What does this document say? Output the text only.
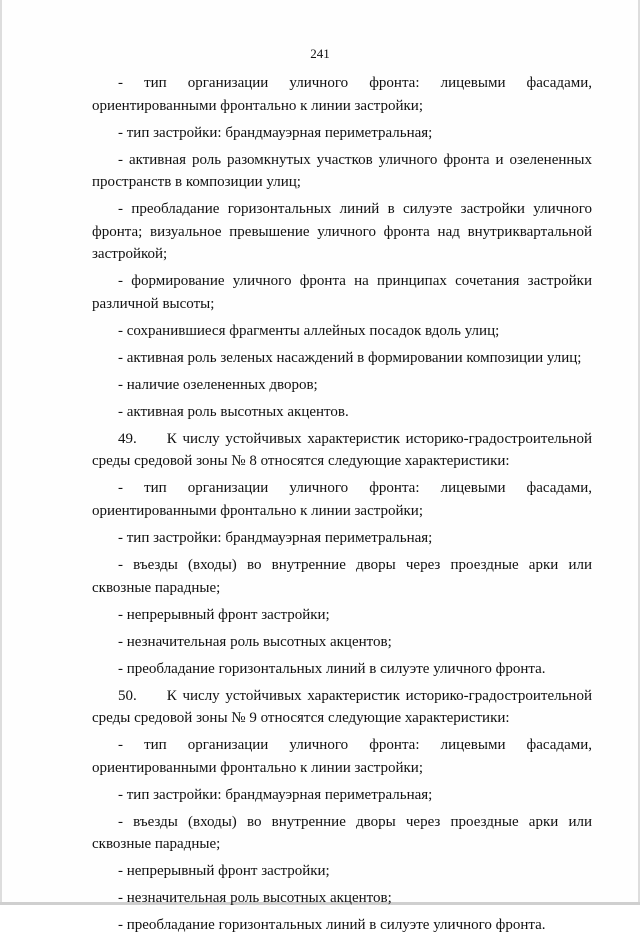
241

- тип организации уличного фронта: лицевыми фасадами, ориентированными фронтально к линии застройки;

- тип застройки: брандмауэрная периметральная;

- активная роль разомкнутых участков уличного фронта и озелененных пространств в композиции улиц;

- преобладание горизонтальных линий в силуэте застройки уличного фронта; визуальное превышение уличного фронта над внутриквартальной застройкой;

- формирование уличного фронта на принципах сочетания застройки различной высоты;

- сохранившиеся фрагменты аллейных посадок вдоль улиц;

- активная роль зеленых насаждений в формировании композиции улиц;

- наличие озелененных дворов;

- активная роль высотных акцентов.

49.  К числу устойчивых характеристик историко-градостроительной среды средовой зоны № 8 относятся следующие характеристики:

- тип организации уличного фронта: лицевыми фасадами, ориентированными фронтально к линии застройки;

- тип застройки: брандмауэрная периметральная;

- въезды (входы) во внутренние дворы через проездные арки или сквозные парадные;

- непрерывный фронт застройки;

- незначительная роль высотных акцентов;

- преобладание горизонтальных линий в силуэте уличного фронта.

50.  К числу устойчивых характеристик историко-градостроительной среды средовой зоны № 9 относятся следующие характеристики:

- тип организации уличного фронта: лицевыми фасадами, ориентированными фронтально к линии застройки;

- тип застройки: брандмауэрная периметральная;

- въезды (входы) во внутренние дворы через проездные арки или сквозные парадные;

- непрерывный фронт застройки;

- незначительная роль высотных акцентов;

- преобладание горизонтальных линий в силуэте уличного фронта.
